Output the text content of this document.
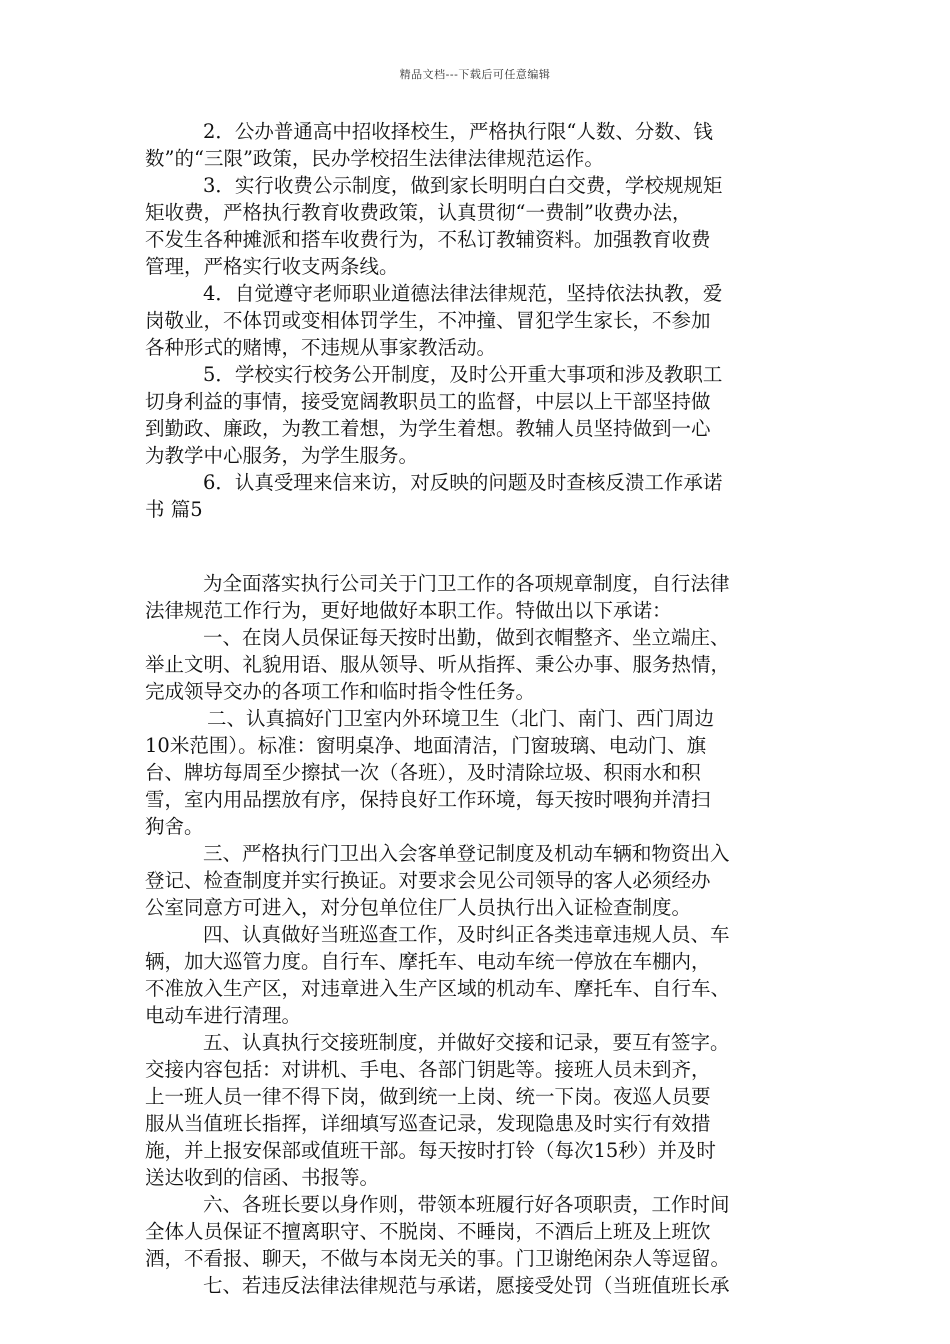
精品文档---下载后可任意编辑
2．公办普通高中招收择校生，严格执行限“人数、分数、钱
数”的“三限”政策，民办学校招生法律法律规范运作。
3．实行收费公示制度，做到家长明明白白交费，学校规规矩
矩收费，严格执行教育收费政策，认真贯彻“一费制”收费办法，
不发生各种摊派和搭车收费行为，不私订教辅资料。加强教育收费
管理，严格实行收支两条线。
4．自觉遵守老师职业道德法律法律规范，坚持依法执教，爱
岗敬业，不体罚或变相体罚学生，不冲撞、冒犯学生家长，不参加
各种形式的赌博，不违规从事家教活动。
5．学校实行校务公开制度，及时公开重大事项和涉及教职工
切身利益的事情，接受宽阔教职员工的监督，中层以上干部坚持做
到勤政、廉政，为教工着想，为学生着想。教辅人员坚持做到一心
为教学中心服务，为学生服务。
6．认真受理来信来访，对反映的问题及时查核反溃工作承诺
书 篇5
为全面落实执行公司关于门卫工作的各项规章制度，自行法律
法律规范工作行为，更好地做好本职工作。特做出以下承诺：
一、在岗人员保证每天按时出勤，做到衣帽整齐、坐立端庄、
举止文明、礼貌用语、服从领导、听从指挥、秉公办事、服务热情，
完成领导交办的各项工作和临时指令性任务。
二、认真搞好门卫室内外环境卫生（北门、南门、西门周边
10米范围）。标准：窗明桌净、地面清洁，门窗玻璃、电动门、旗
台、牌坊每周至少擦拭一次（各班），及时清除垃圾、积雨水和积
雪，室内用品摆放有序，保持良好工作环境，每天按时喂狗并清扫
狗舍。
三、严格执行门卫出入会客单登记制度及机动车辆和物资出入
登记、检查制度并实行换证。对要求会见公司领导的客人必须经办
公室同意方可进入，对分包单位住厂人员执行出入证检查制度。
四、认真做好当班巡查工作，及时纠正各类违章违规人员、车
辆，加大巡管力度。自行车、摩托车、电动车统一停放在车棚内，
不准放入生产区，对违章进入生产区域的机动车、摩托车、自行车、
电动车进行清理。
五、认真执行交接班制度，并做好交接和记录，要互有签字。
交接内容包括：对讲机、手电、各部门钥匙等。接班人员未到齐，
上一班人员一律不得下岗，做到统一上岗、统一下岗。夜巡人员要
服从当值班长指挥，详细填写巡查记录，发现隐患及时实行有效措
施，并上报安保部或值班干部。每天按时打铃（每次15秒）并及时
送达收到的信函、书报等。
六、各班长要以身作则，带领本班履行好各项职责，工作时间
全体人员保证不擅离职守、不脱岗、不睡岗，不酒后上班及上班饮
酒，不看报、聊天，不做与本岗无关的事。门卫谢绝闲杂人等逗留。
七、若违反法律法律规范与承诺，愿接受处罚（当班值班长承
